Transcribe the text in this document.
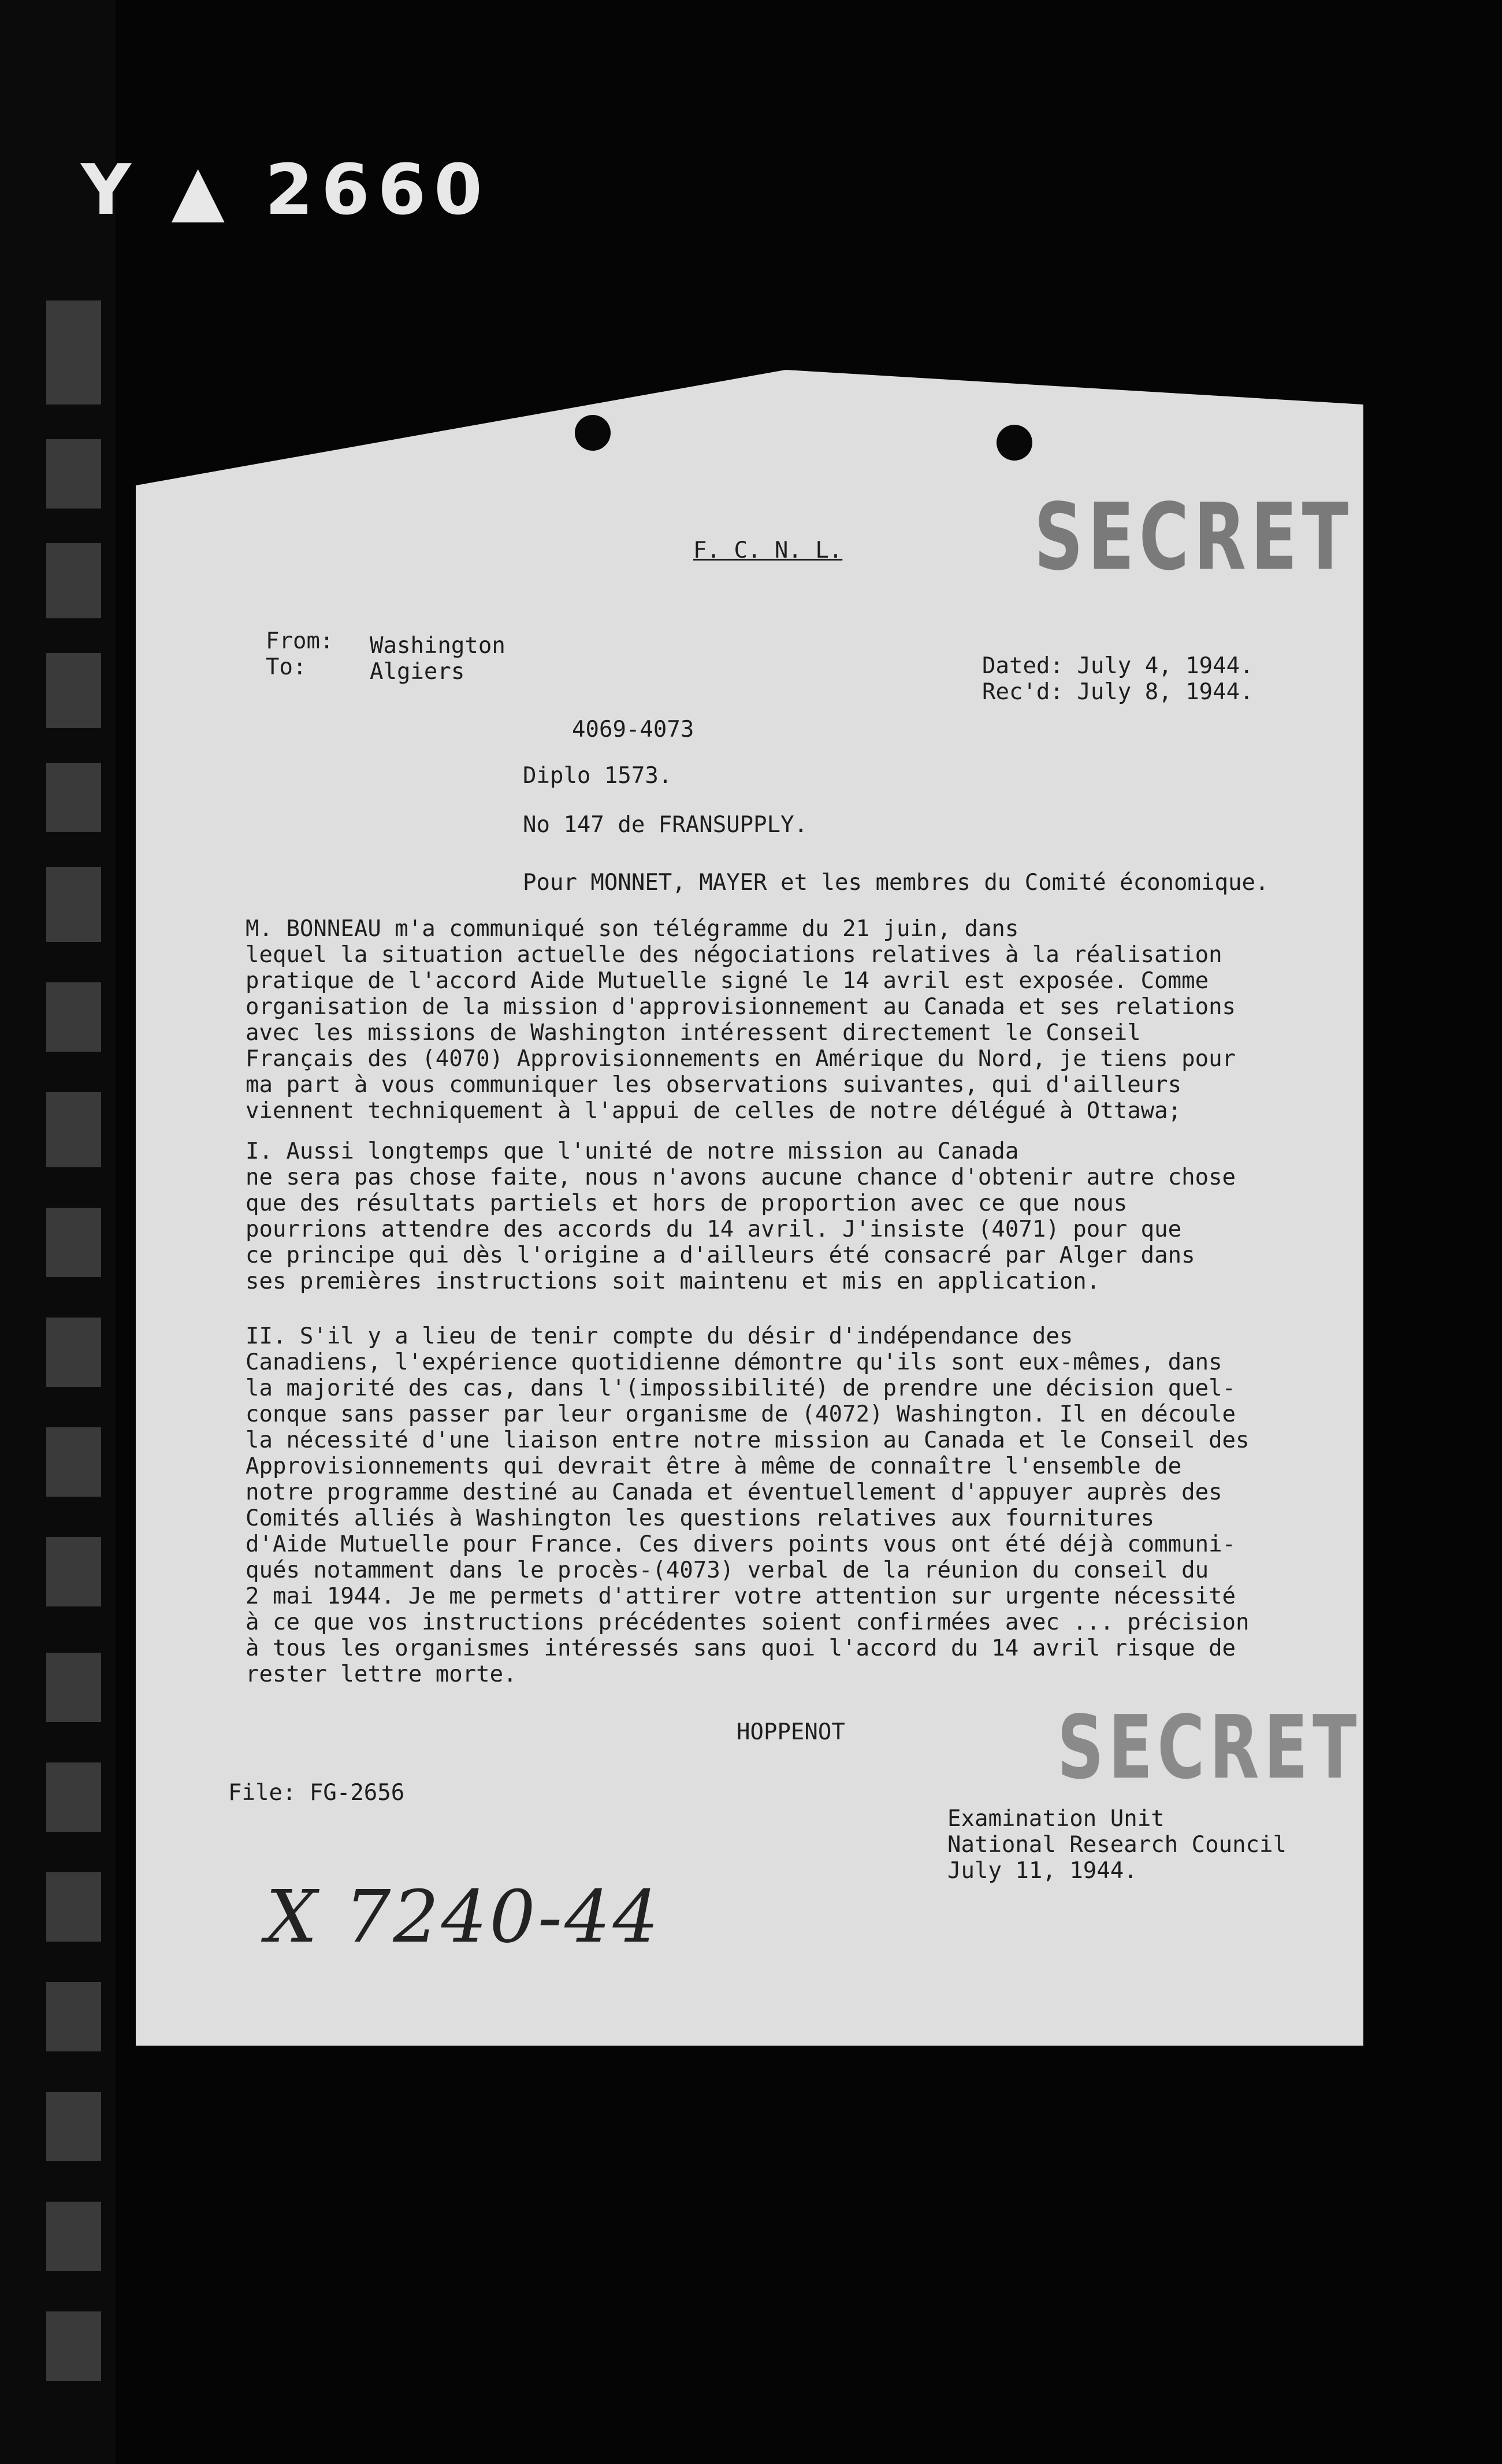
Y ▲ 2660
SECRET
SECRET
F. C. N. L.
From: Washington
To:	Algiers	Dated: July 4, 1944.
Rec'd: July 8, 1944.
4069-4073
Diplo 1573.
No 147 de FRANSUPPLY.
Pour MONNET, MAYER et les membres du Comité économique.

M. BONNEAU m'a communiqué son télégramme du 21 juin, dans

lequel la situation actuelle des négociations relatives à la réalisation

pratique de l'accord Aide Mutuelle signé le 14 avril est exposée. Comme

organisation de la mission d'approvisionnement au Canada et ses relations

avec les missions de Washington intéressent directement le Conseil

Français des (4070) Approvisionnements en Amérique du Nord, je tiens pour

ma part à vous communiquer les observations suivantes, qui d'ailleurs

viennent techniquement à l'appui de celles de notre délégué à Ottawa;

I. Aussi longtemps que l'unité de notre mission au Canada

ne sera pas chose faite, nous n'avons aucune chance d'obtenir autre chose

que des résultats partiels et hors de proportion avec ce que nous

pourrions attendre des accords du 14 avril. J'insiste (4071) pour que

ce principe qui dès l'origine a d'ailleurs été consacré par Alger dans

ses premières instructions soit maintenu et mis en application.

II. S'il y a lieu de tenir compte du désir d'indépendance des

Canadiens, l'expérience quotidienne démontre qu'ils sont eux-mêmes, dans

la majorité des cas, dans l'(impossibilité) de prendre une décision quel-

conque sans passer par leur organisme de (4072) Washington. Il en découle

la nécessité d'une liaison entre notre mission au Canada et le Conseil des

Approvisionnements qui devrait être à même de connaître l'ensemble de

notre programme destiné au Canada et éventuellement d'appuyer auprès des

Comités alliés à Washington les questions relatives aux fournitures

d'Aide Mutuelle pour France. Ces divers points vous ont été déjà communi-

qués notamment dans le procès-(4073) verbal de la réunion du conseil du

2 mai 1944. Je me permets d'attirer votre attention sur urgente nécessité

à ce que vos instructions précédentes soient confirmées avec ... précision

à tous les organismes intéressés sans quoi l'accord du 14 avril risque de

rester lettre morte.

HOPPENOT
File: FG-2656
Examination Unit
National Research Council
July 11, 1944.
X 7240-44
